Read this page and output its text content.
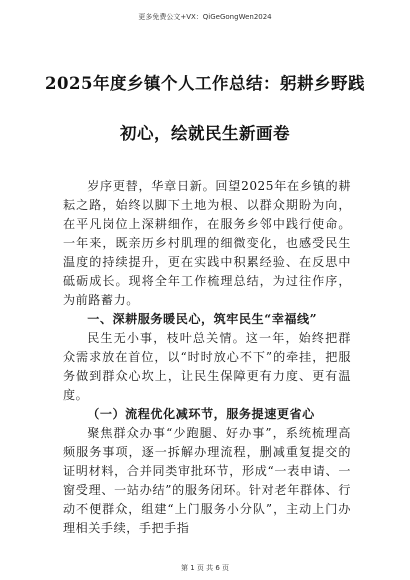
更多免费公文+VX：QiGeGongWen2024
2025年度乡镇个人工作总结：躬耕乡野践
初心，绘就民生新画卷

岁序更替，华章日新。回望2025年在乡镇的耕耘之路，始终以脚下土地为根、以群众期盼为向，在平凡岗位上深耕细作，在服务乡邻中践行使命。一年来，既亲历乡村肌理的细微变化，也感受民生温度的持续提升，更在实践中积累经验、在反思中砥砺成长。现将全年工作梳理总结，为过往作序，为前路蓄力。

一、深耕服务暖民心，筑牢民生“幸福线”

民生无小事，枝叶总关情。这一年，始终把群众需求放在首位，以“时时放心不下”的牵挂，把服务做到群众心坎上，让民生保障更有力度、更有温度。

（一）流程优化减环节，服务提速更省心

聚焦群众办事“少跑腿、好办事”，系统梳理高频服务事项，逐一拆解办理流程，删减重复提交的证明材料，合并同类审批环节，形成“一表申请、一窗受理、一站办结”的服务闭环。针对老年群体、行动不便群众，组建“上门服务小分队”，主动上门办理相关手续，手把手指

第 1 页 共 6 页
